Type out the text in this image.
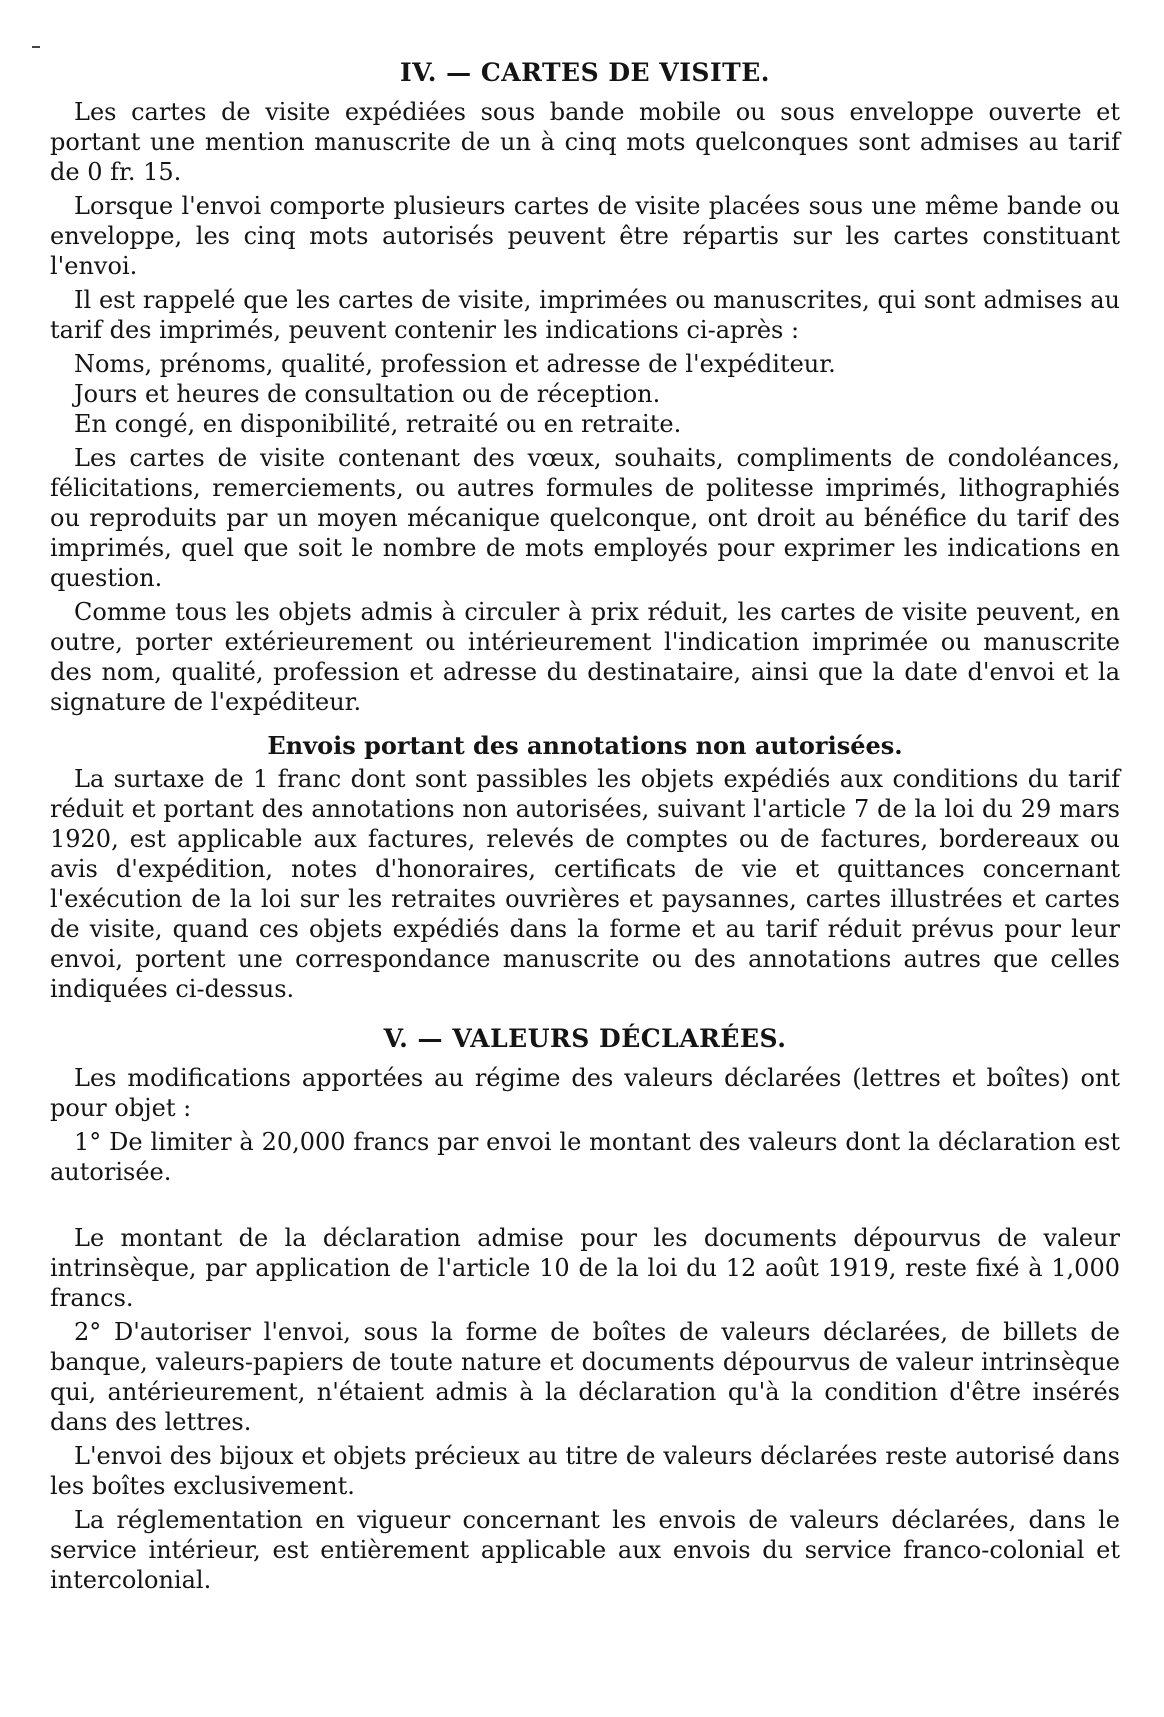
IV. — CARTES DE VISITE.

Les cartes de visite expédiées sous bande mobile ou sous enveloppe ouverte et portant une mention manuscrite de un à cinq mots quelconques sont admises au tarif de 0 fr. 15.

Lorsque l'envoi comporte plusieurs cartes de visite placées sous une même bande ou enveloppe, les cinq mots autorisés peuvent être répartis sur les cartes constituant l'envoi.

Il est rappelé que les cartes de visite, imprimées ou manuscrites, qui sont admises au tarif des imprimés, peuvent contenir les indications ci-après :

Noms, prénoms, qualité, profession et adresse de l'expéditeur.

Jours et heures de consultation ou de réception.

En congé, en disponibilité, retraité ou en retraite.

Les cartes de visite contenant des vœux, souhaits, compliments de condoléances, félicitations, remerciements, ou autres formules de politesse imprimés, lithographiés ou reproduits par un moyen mécanique quelconque, ont droit au bénéfice du tarif des imprimés, quel que soit le nombre de mots employés pour exprimer les indications en question.

Comme tous les objets admis à circuler à prix réduit, les cartes de visite peuvent, en outre, porter extérieurement ou intérieurement l'indication imprimée ou manuscrite des nom, qualité, profession et adresse du destinataire, ainsi que la date d'envoi et la signature de l'expéditeur.

Envois portant des annotations non autorisées.

La surtaxe de 1 franc dont sont passibles les objets expédiés aux conditions du tarif réduit et portant des annotations non autorisées, suivant l'article 7 de la loi du 29 mars 1920, est applicable aux factures, relevés de comptes ou de factures, bordereaux ou avis d'expédition, notes d'honoraires, certificats de vie et quittances concernant l'exécution de la loi sur les retraites ouvrières et paysannes, cartes illustrées et cartes de visite, quand ces objets expédiés dans la forme et au tarif réduit prévus pour leur envoi, portent une correspondance manuscrite ou des annotations autres que celles indiquées ci-dessus.

V. — VALEURS DÉCLARÉES.

Les modifications apportées au régime des valeurs déclarées (lettres et boîtes) ont pour objet :

1° De limiter à 20,000 francs par envoi le montant des valeurs dont la déclaration est autorisée.

Le montant de la déclaration admise pour les documents dépourvus de valeur intrinsèque, par application de l'article 10 de la loi du 12 août 1919, reste fixé à 1,000 francs.

2° D'autoriser l'envoi, sous la forme de boîtes de valeurs déclarées, de billets de banque, valeurs-papiers de toute nature et documents dépourvus de valeur intrinsèque qui, antérieurement, n'étaient admis à la déclaration qu'à la condition d'être insérés dans des lettres.

L'envoi des bijoux et objets précieux au titre de valeurs déclarées reste autorisé dans les boîtes exclusivement.

La réglementation en vigueur concernant les envois de valeurs déclarées, dans le service intérieur, est entièrement applicable aux envois du service franco-colonial et intercolonial.
